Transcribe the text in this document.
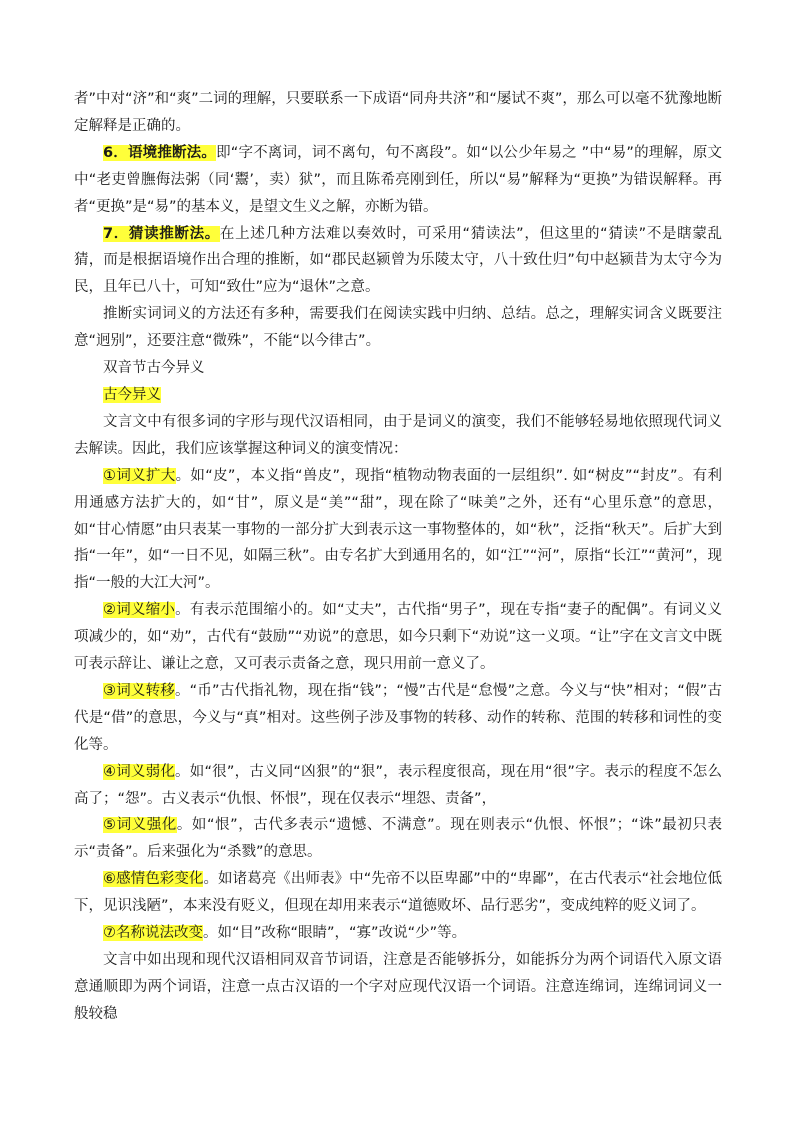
者”中对“济”和“爽”二词的理解，只要联系一下成语“同舟共济”和“屡试不爽”，那么可以毫不犹豫地断定解释是正确的。

6．语境推断法。即“字不离词，词不离句，句不离段”。如“以公少年易之 ”中“易”的理解，原文中“老吏曾膴侮法粥（同‘鬻’，卖）狱”，而且陈希亮刚到任，所以“易”解释为“更换”为错误解释。再者“更换”是“易”的基本义，是望文生义之解，亦断为错。

7．猜读推断法。在上述几种方法难以奏效时，可采用“猜读法”，但这里的“猜读”不是瞎蒙乱猜，而是根据语境作出合理的推断，如“郡民赵颍曾为乐陵太守，八十致仕归”句中赵颍昔为太守今为民，且年已八十，可知“致仕”应为“退休”之意。

推断实词词义的方法还有多种，需要我们在阅读实践中归纳、总结。总之，理解实词含义既要注意“迥别”，还要注意“微殊”，不能“以今律古”。

双音节古今异义

古今异义

文言文中有很多词的字形与现代汉语相同，由于是词义的演变，我们不能够轻易地依照现代词义去解读。因此，我们应该掌握这种词义的演变情况：

①词义扩大。如“皮”，本义指“兽皮”，现指“植物动物表面的一层组织”. 如“树皮”“封皮”。有利用通感方法扩大的，如“甘”，原义是“美”“甜”，现在除了“味美”之外，还有“心里乐意”的意思，如“甘心情愿”由只表某一事物的一部分扩大到表示这一事物整体的，如“秋”，泛指“秋天”。后扩大到指“一年”，如“一日不见，如隔三秋”。由专名扩大到通用名的，如“江”“河”，原指“长江”“黄河”，现指“一般的大江大河”。

②词义缩小。有表示范围缩小的。如“丈夫”，古代指“男子”，现在专指“妻子的配偶”。有词义义项减少的，如“劝”，古代有“鼓励”“劝说”的意思，如今只剩下“劝说”这一义项。“让”字在文言文中既可表示辞让、谦让之意，又可表示责备之意，现只用前一意义了。

③词义转移。“币”古代指礼物，现在指“钱”；“慢”古代是“怠慢”之意。今义与“快”相对；“假”古代是“借”的意思，今义与“真”相对。这些例子涉及事物的转移、动作的转称、范围的转移和词性的变化等。

④词义弱化。如“很”，古义同“凶狠”的“狠”，表示程度很高，现在用“很”字。表示的程度不怎么高了；“怨”。古义表示“仇恨、怀恨”，现在仅表示“埋怨、责备”，

⑤词义强化。如“恨”，古代多表示“遗憾、不满意”。现在则表示“仇恨、怀恨”；“诛”最初只表示“责备”。后来强化为“杀戮”的意思。

⑥感情色彩变化。如诸葛亮《出师表》中“先帝不以臣卑鄙”中的“卑鄙”，在古代表示“社会地位低下，见识浅陋”，本来没有贬义，但现在却用来表示“道德败坏、品行恶劣”，变成纯粹的贬义词了。

⑦名称说法改变。如“目”改称“眼睛”，“寡”改说“少”等。

文言中如出现和现代汉语相同双音节词语，注意是否能够拆分，如能拆分为两个词语代入原文语意通顺即为两个词语，注意一点古汉语的一个字对应现代汉语一个词语。注意连绵词，连绵词词义一般较稳
